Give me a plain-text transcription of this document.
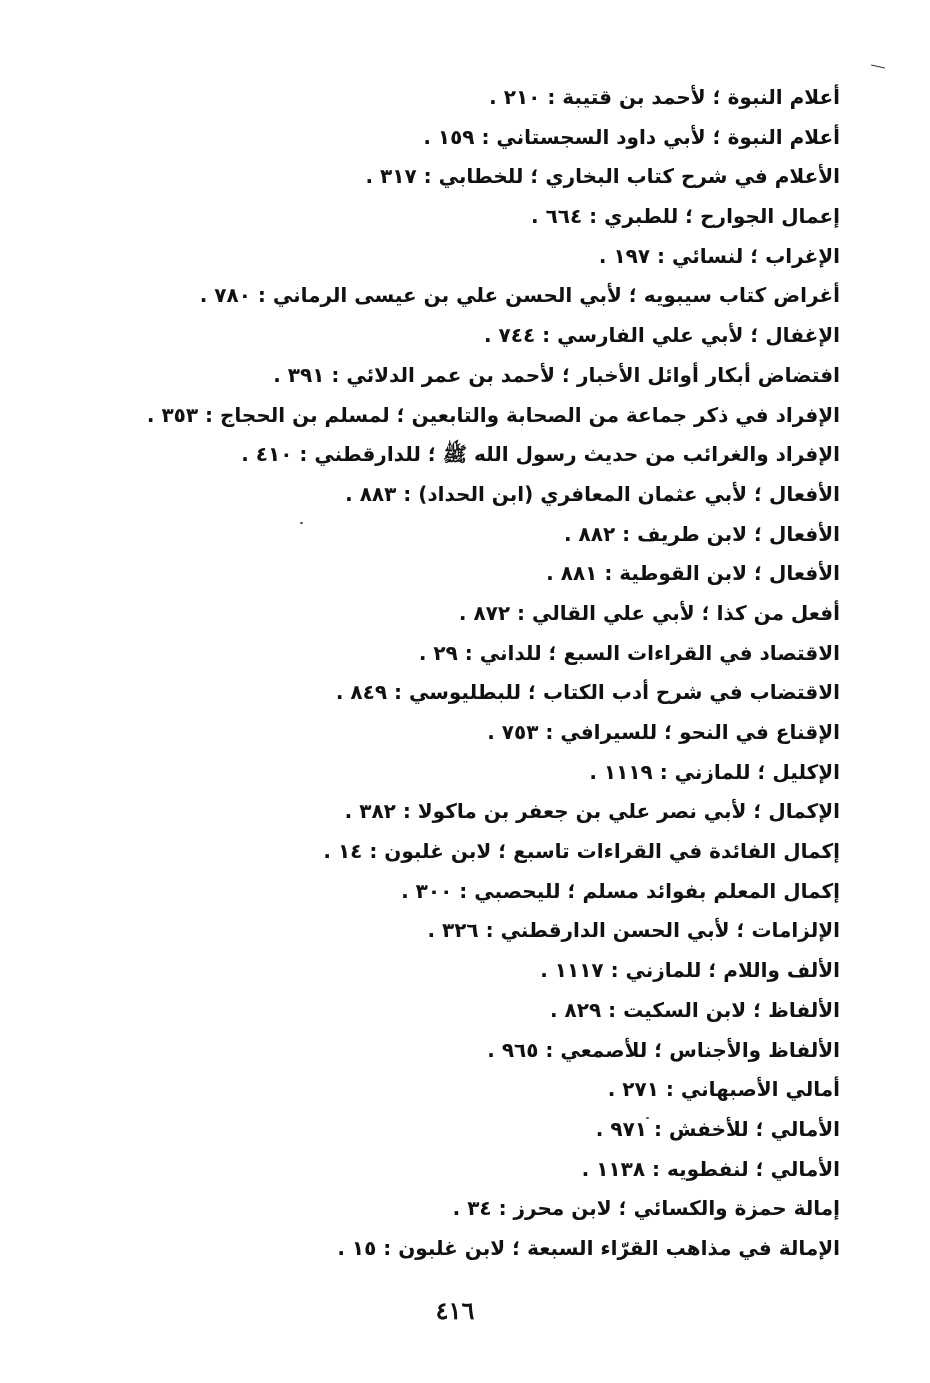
أعلام النبوة ؛ لأحمد بن قتيبة : ٢١٠ .
أعلام النبوة ؛ لأبي داود السجستاني : ١٥٩ .
الأعلام في شرح كتاب البخاري ؛ للخطابي : ٣١٧ .
إعمال الجوارح ؛ للطبري : ٦٦٤ .
الإغراب ؛ لنسائي : ١٩٧ .
أغراض كتاب سيبويه ؛ لأبي الحسن علي بن عيسى الرماني : ٧٨٠ .
الإغفال ؛ لأبي علي الفارسي : ٧٤٤ .
افتضاض أبكار أوائل الأخبار ؛ لأحمد بن عمر الدلائي : ٣٩١ .
الإفراد في ذكر جماعة من الصحابة والتابعين ؛ لمسلم بن الحجاج : ٣٥٣ .
الإفراد والغرائب من حديث رسول الله ﷺ ؛ للدارقطني : ٤١٠ .
الأفعال ؛ لأبي عثمان المعافري (ابن الحداد) : ٨٨٣ .
الأفعال ؛ لابن طريف : ٨٨٢ .
الأفعال ؛ لابن القوطية : ٨٨١ .
أفعل من كذا ؛ لأبي علي القالي : ٨٧٢ .
الاقتصاد في القراءات السبع ؛ للداني : ٢٩ .
الاقتضاب في شرح أدب الكتاب ؛ للبطليوسي : ٨٤٩ .
الإقناع في النحو ؛ للسيرافي : ٧٥٣ .
الإكليل ؛ للمازني : ١١١٩ .
الإكمال ؛ لأبي نصر علي بن جعفر بن ماكولا : ٣٨٢ .
إكمال الفائدة في القراءات تاسبع ؛ لابن غلبون : ١٤ .
إكمال المعلم بفوائد مسلم ؛ لليحصبي : ٣٠٠ .
الإلزامات ؛ لأبي الحسن الدارقطني : ٣٢٦ .
الألف واللام ؛ للمازني : ١١١٧ .
الألفاظ ؛ لابن السكيت : ٨٢٩ .
الألفاظ والأجناس ؛ للأصمعي : ٩٦٥ .
أمالي الأصبهاني : ٢٧١ .
الأمالي ؛ للأخفش : ٩٧١ .
الأمالي ؛ لنفطويه : ١١٣٨ .
إمالة حمزة والكسائي ؛ لابن محرز : ٣٤ .
الإمالة في مذاهب القرّاء السبعة ؛ لابن غلبون : ١٥ .
٤١٦
